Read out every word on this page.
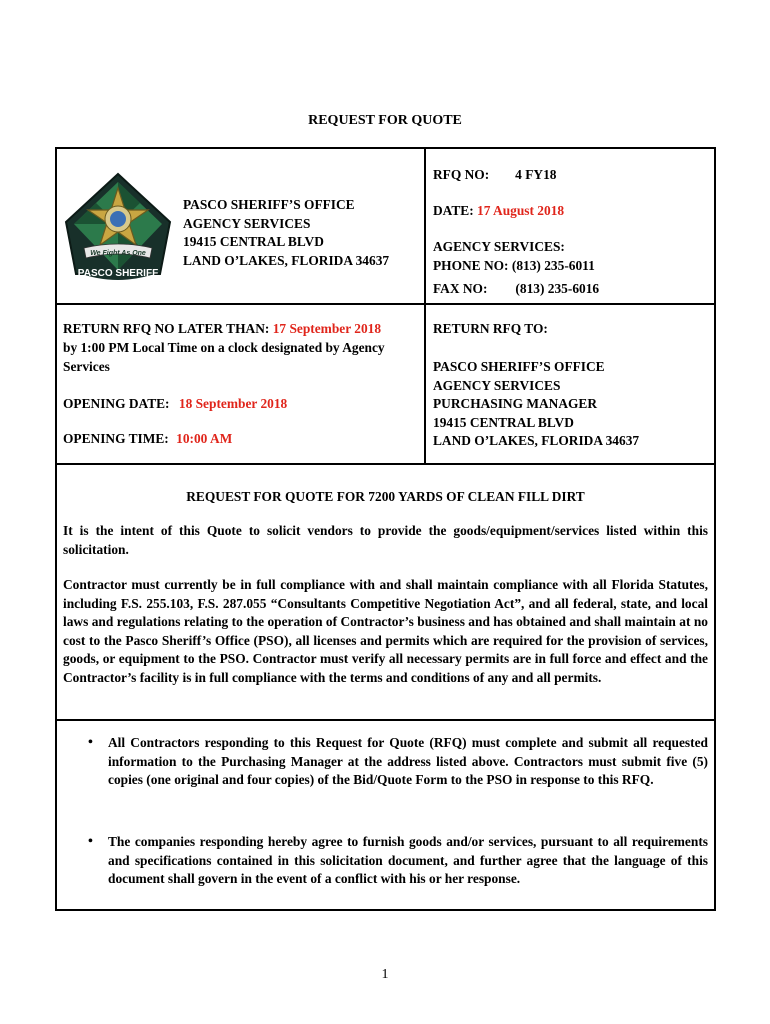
REQUEST FOR QUOTE
We Fight As One
PASCO SHERIFF
PASCO SHERIFF’S OFFICE
AGENCY SERVICES
19415 CENTRAL BLVD
LAND O’LAKES, FLORIDA 34637
RFQ NO: 4 FY18
DATE: 17 August 2018
AGENCY SERVICES:
PHONE NO: (813) 235-6011
FAX NO: (813) 235-6016
RETURN RFQ NO LATER THAN: 17 September 2018
by 1:00 PM Local Time on a clock designated by Agency
Services
OPENING DATE: 18 September 2018
OPENING TIME: 10:00 AM
RETURN RFQ TO:
PASCO SHERIFF’S OFFICE
AGENCY SERVICES
PURCHASING MANAGER
19415 CENTRAL BLVD
LAND O’LAKES, FLORIDA 34637
REQUEST FOR QUOTE FOR 7200 YARDS OF CLEAN FILL DIRT
It is the intent of this Quote to solicit vendors to provide the goods/equipment/services listed within this solicitation.
Contractor must currently be in full compliance with and shall maintain compliance with all Florida Statutes, including F.S. 255.103, F.S. 287.055 “Consultants Competitive Negotiation Act”, and all federal, state, and local laws and regulations relating to the operation of Contractor’s business and has obtained and shall maintain at no cost to the Pasco Sheriff’s Office (PSO), all licenses and permits which are required for the provision of services, goods, or equipment to the PSO. Contractor must verify all necessary permits are in full force and effect and the Contractor’s facility is in full compliance with the terms and conditions of any and all permits.
• All Contractors responding to this Request for Quote (RFQ) must complete and submit all requested information to the Purchasing Manager at the address listed above. Contractors must submit five (5) copies (one original and four copies) of the Bid/Quote Form to the PSO in response to this RFQ.
• The companies responding hereby agree to furnish goods and/or services, pursuant to all requirements and specifications contained in this solicitation document, and further agree that the language of this document shall govern in the event of a conflict with his or her response.
1
